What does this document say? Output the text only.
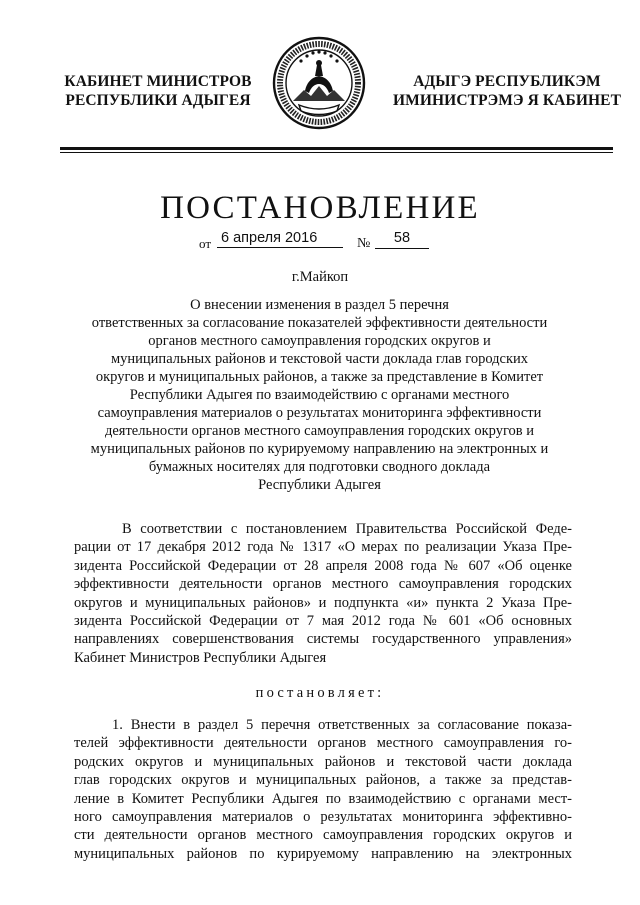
КАБИНЕТ МИНИСТРОВ
РЕСПУБЛИКИ АДЫГЕЯ
АДЫГЭ РЕСПУБЛИКЭМ
ИМИНИСТРЭМЭ Я КАБИНЕТ
ПОСТАНОВЛЕНИЕ
от 6 апреля 2016	№	58
г.Майкоп
О внесении изменения в раздел 5 перечня
ответственных за согласование показателей эффективности деятельности
органов местного самоуправления городских округов и
муниципальных районов и текстовой части доклада глав городских
округов и муниципальных районов, а также за представление в Комитет
Республики Адыгея по взаимодействию с органами местного
самоуправления материалов о результатах мониторинга эффективности
деятельности органов местного самоуправления городских округов и
муниципальных районов по курируемому направлению на электронных и
бумажных носителях для подготовки сводного доклада
Республики Адыгея
В соответствии с постановлением Правительства Российской Феде-
рации от 17 декабря 2012 года № 1317 «О мерах по реализации Указа Пре-
зидента Российской Федерации от 28 апреля 2008 года № 607 «Об оценке
эффективности деятельности органов местного самоуправления городских
округов и муниципальных районов» и подпункта «и» пункта 2 Указа Пре-
зидента Российской Федерации от 7 мая 2012 года № 601 «Об основных
направлениях совершенствования системы государственного управления»
Кабинет Министров Республики Адыгея
постановляет:
1. Внести в раздел 5 перечня ответственных за согласование показа-
телей эффективности деятельности органов местного самоуправления го-
родских округов и муниципальных районов и текстовой части доклада
глав городских округов и муниципальных районов, а также за представ-
ление в Комитет Республики Адыгея по взаимодействию с органами мест-
ного самоуправления материалов о результатах мониторинга эффективно-
сти деятельности органов местного самоуправления городских округов и
муниципальных районов по курируемому направлению на электронных
